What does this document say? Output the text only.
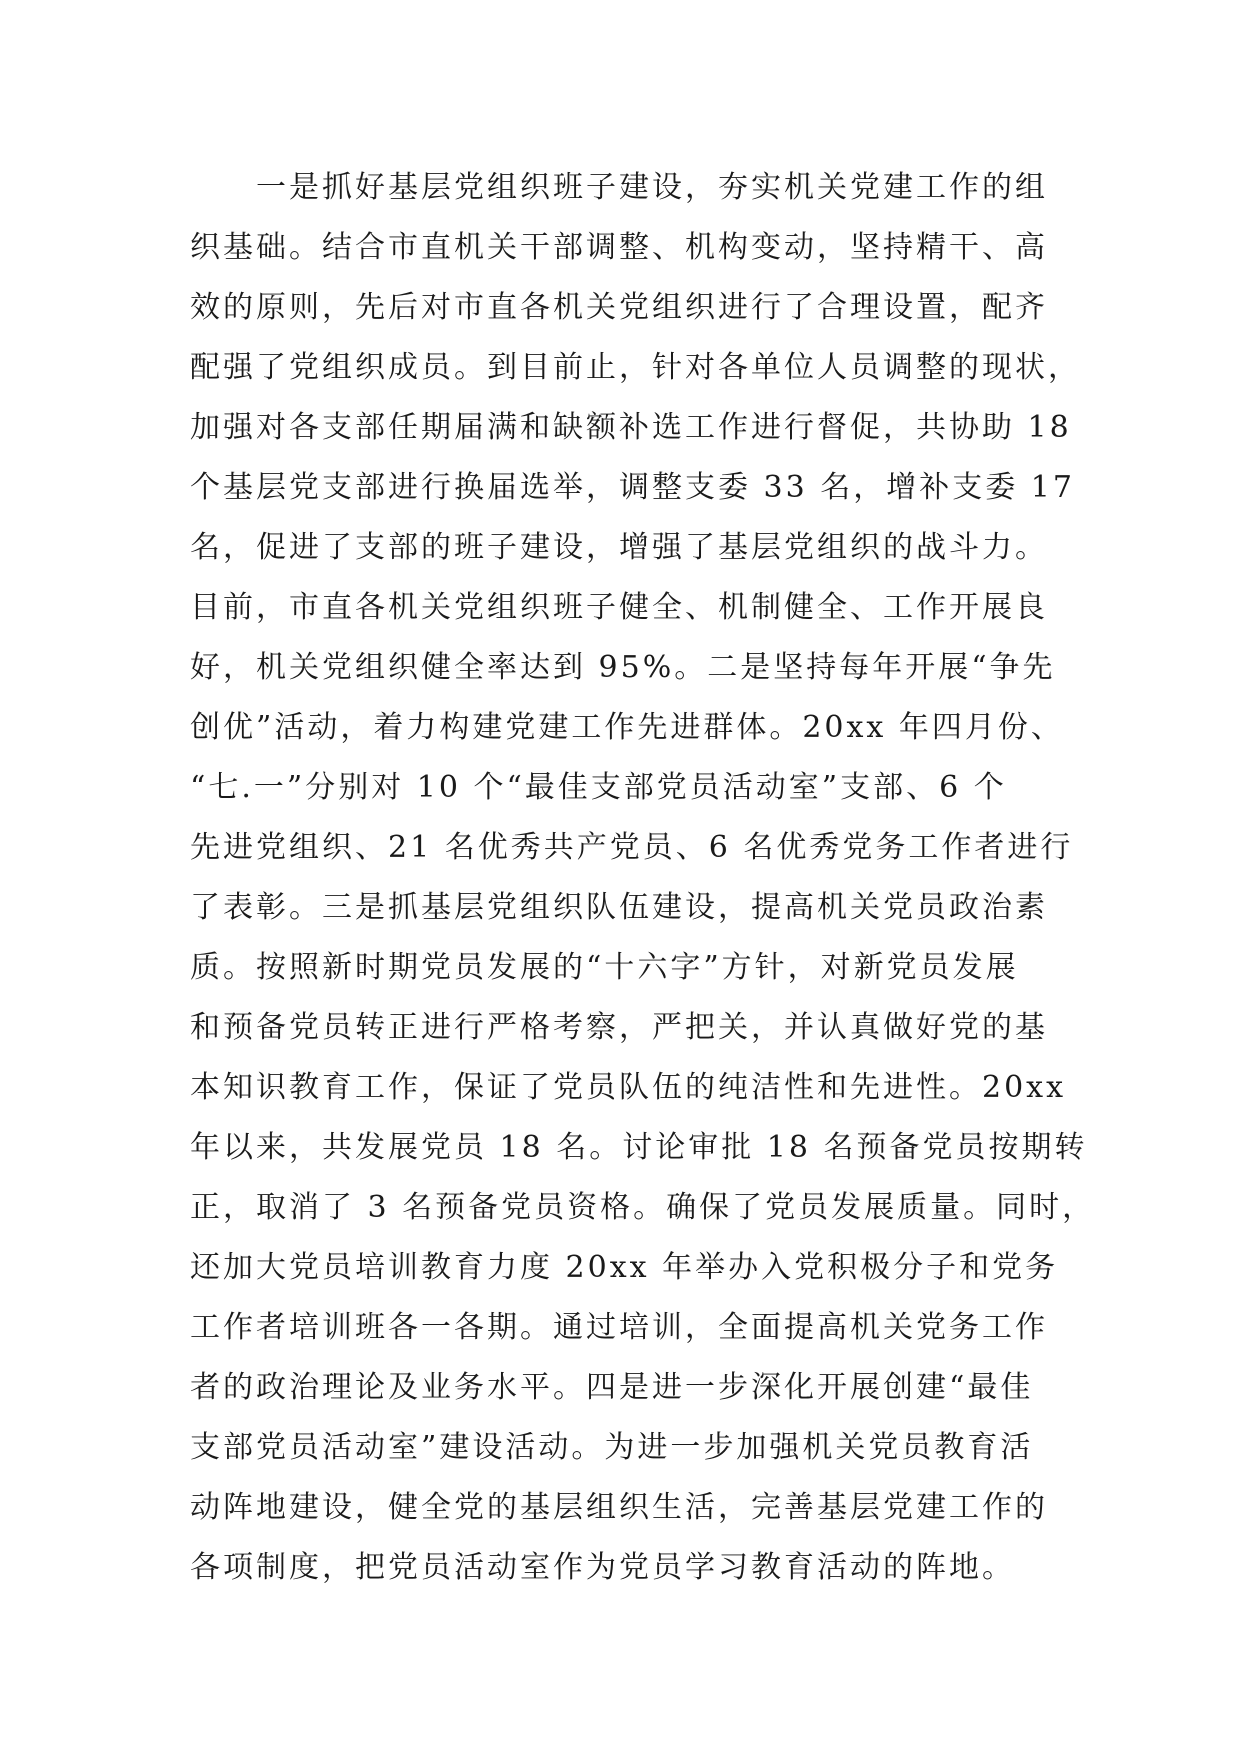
一是抓好基层党组织班子建设，夯实机关党建工作的组
织基础。结合市直机关干部调整、机构变动，坚持精干、高
效的原则，先后对市直各机关党组织进行了合理设置，配齐
配强了党组织成员。到目前止，针对各单位人员调整的现状，
加强对各支部任期届满和缺额补选工作进行督促，共协助 18
个基层党支部进行换届选举，调整支委 33 名，增补支委 17
名，促进了支部的班子建设，增强了基层党组织的战斗力。
目前，市直各机关党组织班子健全、机制健全、工作开展良
好，机关党组织健全率达到 95%。二是坚持每年开展“争先
创优”活动，着力构建党建工作先进群体。20xx 年四月份、
“七.一”分别对 10 个“最佳支部党员活动室”支部、6 个
先进党组织、21 名优秀共产党员、6 名优秀党务工作者进行
了表彰。三是抓基层党组织队伍建设，提高机关党员政治素
质。按照新时期党员发展的“十六字”方针，对新党员发展
和预备党员转正进行严格考察，严把关，并认真做好党的基
本知识教育工作，保证了党员队伍的纯洁性和先进性。20xx
年以来，共发展党员 18 名。讨论审批 18 名预备党员按期转
正，取消了 3 名预备党员资格。确保了党员发展质量。同时，
还加大党员培训教育力度 20xx 年举办入党积极分子和党务
工作者培训班各一各期。通过培训，全面提高机关党务工作
者的政治理论及业务水平。四是进一步深化开展创建“最佳
支部党员活动室”建设活动。为进一步加强机关党员教育活
动阵地建设，健全党的基层组织生活，完善基层党建工作的
各项制度，把党员活动室作为党员学习教育活动的阵地。
